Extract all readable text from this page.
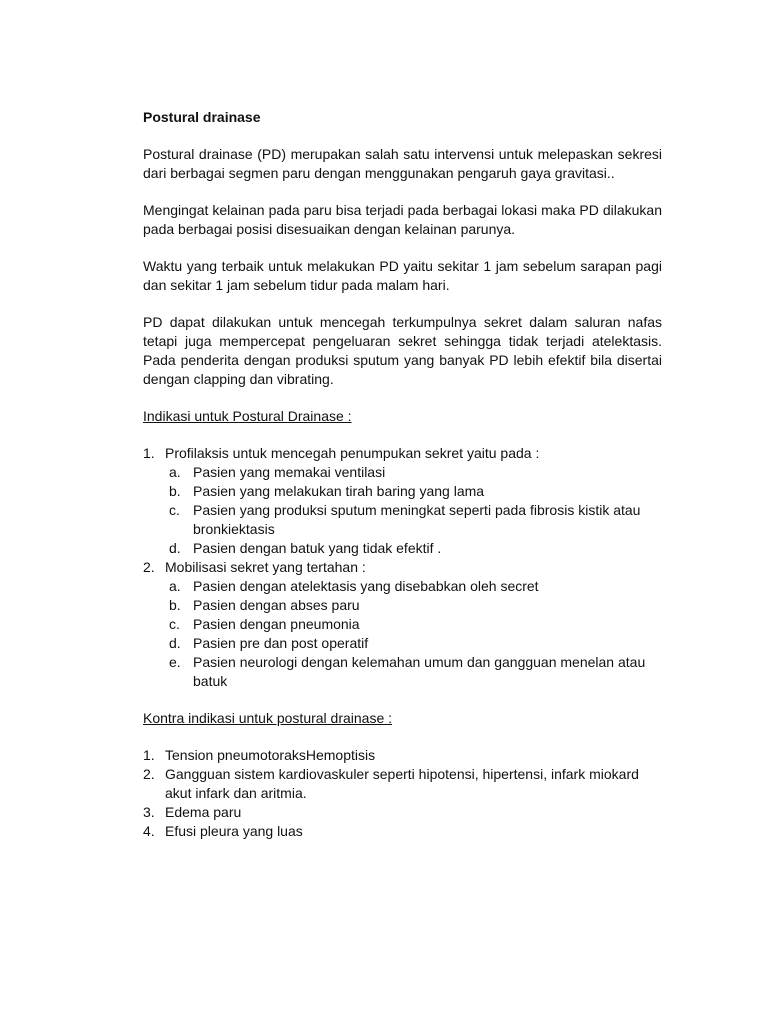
Postural drainase

Postural drainase (PD) merupakan salah satu intervensi untuk melepaskan sekresi dari berbagai segmen paru dengan menggunakan pengaruh gaya gravitasi..

Mengingat kelainan pada paru bisa terjadi pada berbagai lokasi maka PD dilakukan pada berbagai posisi disesuaikan dengan kelainan parunya.

Waktu yang terbaik untuk melakukan PD yaitu sekitar 1 jam sebelum sarapan pagi dan sekitar 1 jam sebelum tidur pada malam hari.

PD dapat dilakukan untuk mencegah terkumpulnya sekret dalam saluran nafas tetapi juga mempercepat pengeluaran sekret sehingga tidak terjadi atelektasis. Pada penderita dengan produksi sputum yang banyak PD lebih efektif bila disertai dengan clapping dan vibrating.

Indikasi untuk Postural Drainase :

1. Profilaksis untuk mencegah penumpukan sekret yaitu pada :
a. Pasien yang memakai ventilasi
b. Pasien yang melakukan tirah baring yang lama
c. Pasien yang produksi sputum meningkat seperti pada fibrosis kistik atau bronkiektasis
d. Pasien dengan batuk yang tidak efektif .
2. Mobilisasi sekret yang tertahan :
a. Pasien dengan atelektasis yang disebabkan oleh secret
b. Pasien dengan abses paru
c. Pasien dengan pneumonia
d. Pasien pre dan post operatif
e. Pasien neurologi dengan kelemahan umum dan gangguan menelan atau batuk

Kontra indikasi untuk postural drainase :

1. Tension pneumotoraksHemoptisis
2. Gangguan sistem kardiovaskuler seperti hipotensi, hipertensi, infark miokard akut infark dan aritmia.
3. Edema paru
4. Efusi pleura yang luas
